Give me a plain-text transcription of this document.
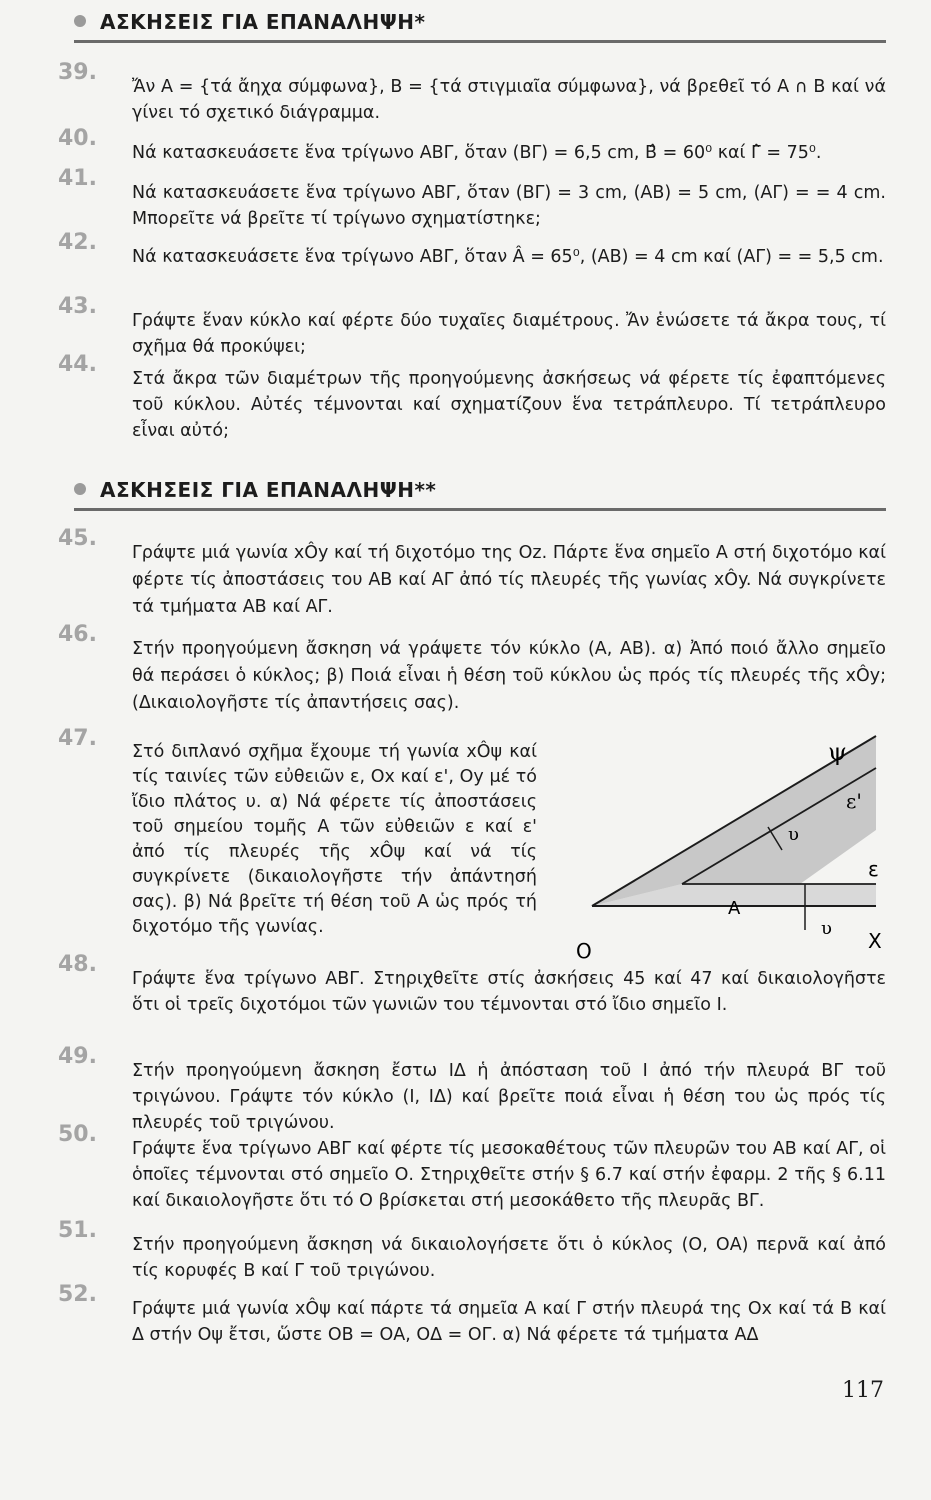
ΑΣΚΗΣΕΙΣ ΓΙΑ ΕΠΑΝΑΛΗΨΗ*
39.
Ἄν Α = {τά ἄηχα σύμφωνα}, Β = {τά στιγμιαῖα σύμφωνα}, νά βρεθεῖ τό Α ∩ Β καί νά γίνει τό σχετικό διάγραμμα.
40.
Νά κατασκευάσετε ἕνα τρίγωνο ΑΒΓ, ὅταν (ΒΓ) = 6,5 cm, Β̂ = 60⁰ καί Γ̂ = 75⁰.
41.
Νά κατασκευάσετε ἕνα τρίγωνο ΑΒΓ, ὅταν (ΒΓ) = 3 cm, (ΑΒ) = 5 cm, (ΑΓ) = = 4 cm. Μπορεῖτε νά βρεῖτε τί τρίγωνο σχηματίστηκε;
42.
Νά κατασκευάσετε ἕνα τρίγωνο ΑΒΓ, ὅταν Â = 65⁰, (ΑΒ) = 4 cm καί (ΑΓ) = = 5,5 cm.
43.
Γράψτε ἕναν κύκλο καί φέρτε δύο τυχαῖες διαμέτρους. Ἄν ἑνώσετε τά ἄκρα τους, τί σχῆμα θά προκύψει;
44.
Στά ἄκρα τῶν διαμέτρων τῆς προηγούμενης ἀσκήσεως νά φέρετε τίς ἐφαπτόμενες τοῦ κύκλου. Αὐτές τέμνονται καί σχηματίζουν ἕνα τετράπλευρο. Τί τετράπλευρο εἶναι αὐτό;
ΑΣΚΗΣΕΙΣ ΓΙΑ ΕΠΑΝΑΛΗΨΗ**
45.
Γράψτε μιά γωνία xÔy καί τή διχοτόμο της Οz. Πάρτε ἕνα σημεῖο Α στή διχοτόμο καί φέρτε τίς ἀποστάσεις του ΑΒ καί ΑΓ ἀπό τίς πλευρές τῆς γωνίας xÔy. Νά συγκρίνετε τά τμήματα ΑΒ καί ΑΓ.
46.
Στήν προηγούμενη ἄσκηση νά γράψετε τόν κύκλο (Α, ΑΒ). α) Ἀπό ποιό ἄλλο σημεῖο θά περάσει ὁ κύκλος; β) Ποιά εἶναι ἡ θέση τοῦ κύκλου ὡς πρός τίς πλευρές τῆς xÔy; (Δικαιολογῆστε τίς ἀπαντήσεις σας).
47.
Στό διπλανό σχῆμα ἔχουμε τή γωνία xÔψ καί τίς ταινίες τῶν εὐθειῶν ε, Οx καί ε', Οy μέ τό ἴδιο πλάτος υ. α) Νά φέρετε τίς ἀποστάσεις τοῦ σημείου τομῆς Α τῶν εὐθειῶν ε καί ε' ἀπό τίς πλευρές τῆς xÔψ καί νά τίς συγκρίνετε (δικαιολογῆστε τήν ἀπάντησή σας). β) Νά βρεῖτε τή θέση τοῦ Α ὡς πρός τή διχοτόμο τῆς γωνίας.
ψ
ε'
υ
ε
Α
υ
Χ
Ο
48.
Γράψτε ἕνα τρίγωνο ΑΒΓ. Στηριχθεῖτε στίς ἀσκήσεις 45 καί 47 καί δικαιολογῆστε ὅτι οἱ τρεῖς διχοτόμοι τῶν γωνιῶν του τέμνονται στό ἴδιο σημεῖο Ι.
49.
Στήν προηγούμενη ἄσκηση ἔστω ΙΔ ἡ ἀπόσταση τοῦ Ι ἀπό τήν πλευρά ΒΓ τοῦ τριγώνου. Γράψτε τόν κύκλο (Ι, ΙΔ) καί βρεῖτε ποιά εἶναι ἡ θέση του ὡς πρός τίς πλευρές τοῦ τριγώνου.
50.
Γράψτε ἕνα τρίγωνο ΑΒΓ καί φέρτε τίς μεσοκαθέτους τῶν πλευρῶν του ΑΒ καί ΑΓ, οἱ ὁποῖες τέμνονται στό σημεῖο Ο. Στηριχθεῖτε στήν § 6.7 καί στήν ἐφαρμ. 2 τῆς § 6.11 καί δικαιολογῆστε ὅτι τό Ο βρίσκεται στή μεσοκάθετο τῆς πλευρᾶς ΒΓ.
51.
Στήν προηγούμενη ἄσκηση νά δικαιολογήσετε ὅτι ὁ κύκλος (Ο, ΟΑ) περνᾶ καί ἀπό τίς κορυφές Β καί Γ τοῦ τριγώνου.
52.
Γράψτε μιά γωνία xÔψ καί πάρτε τά σημεῖα Α καί Γ στήν πλευρά της Οx καί τά Β καί Δ στήν Οψ ἔτσι, ὥστε ΟΒ = ΟΑ, ΟΔ = ΟΓ. α) Νά φέρετε τά τμήματα ΑΔ
117
